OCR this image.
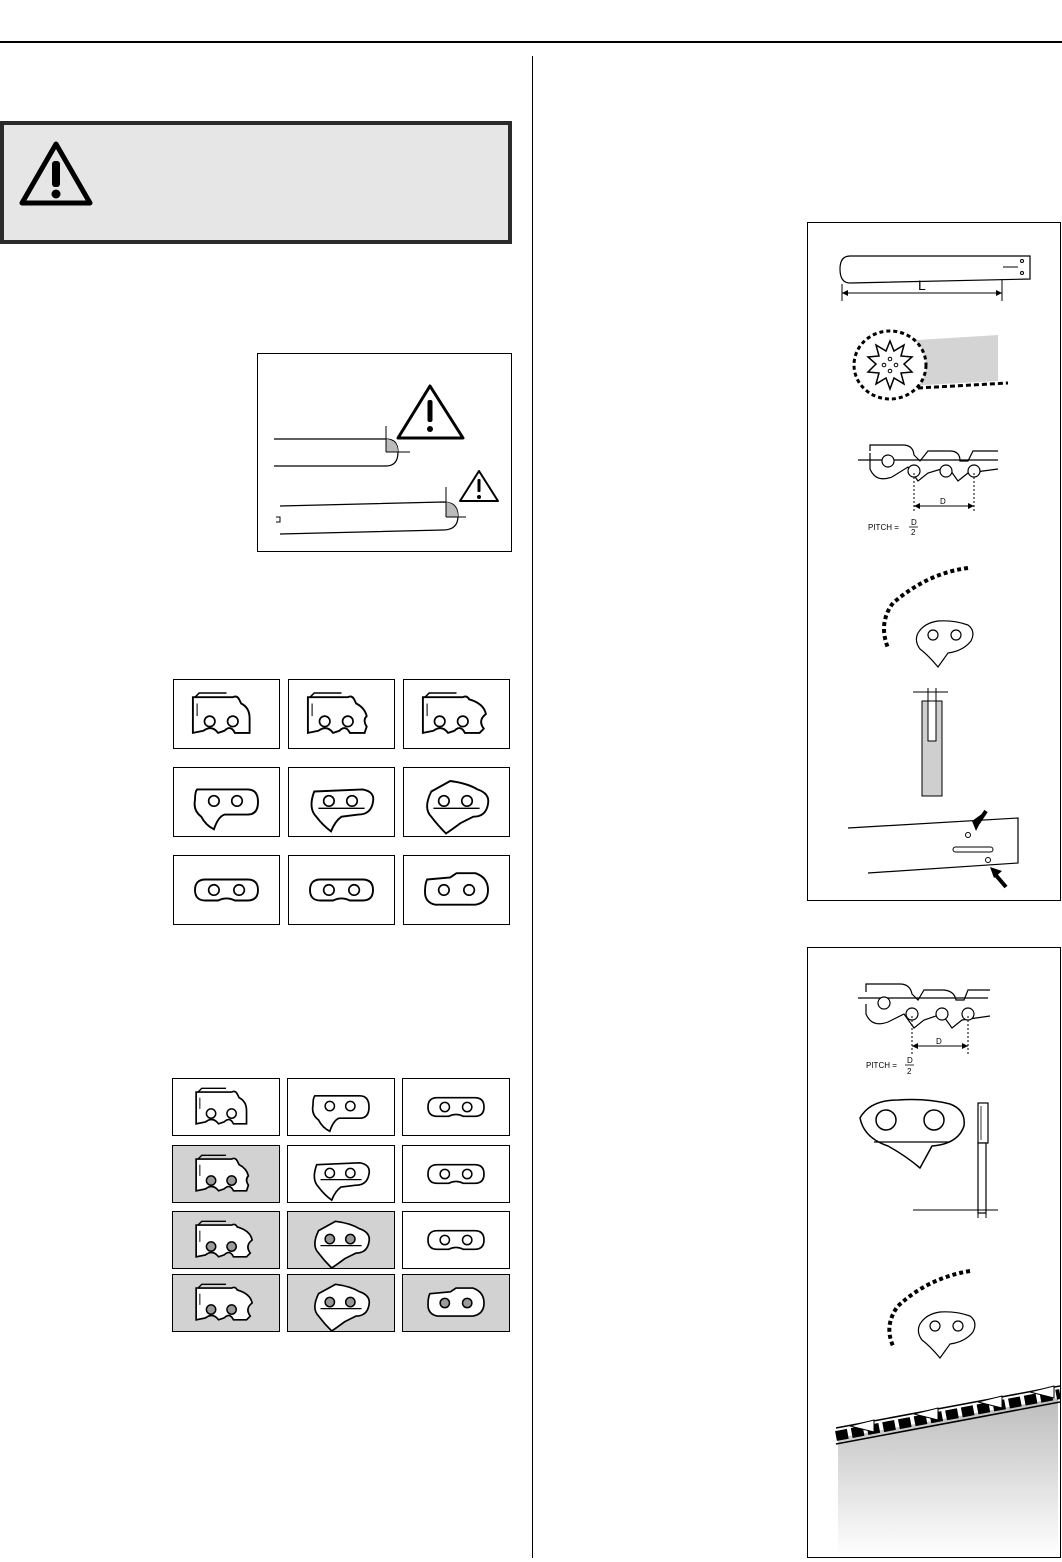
L
D
PITCH =
D
2
D
PITCH =
D
2
